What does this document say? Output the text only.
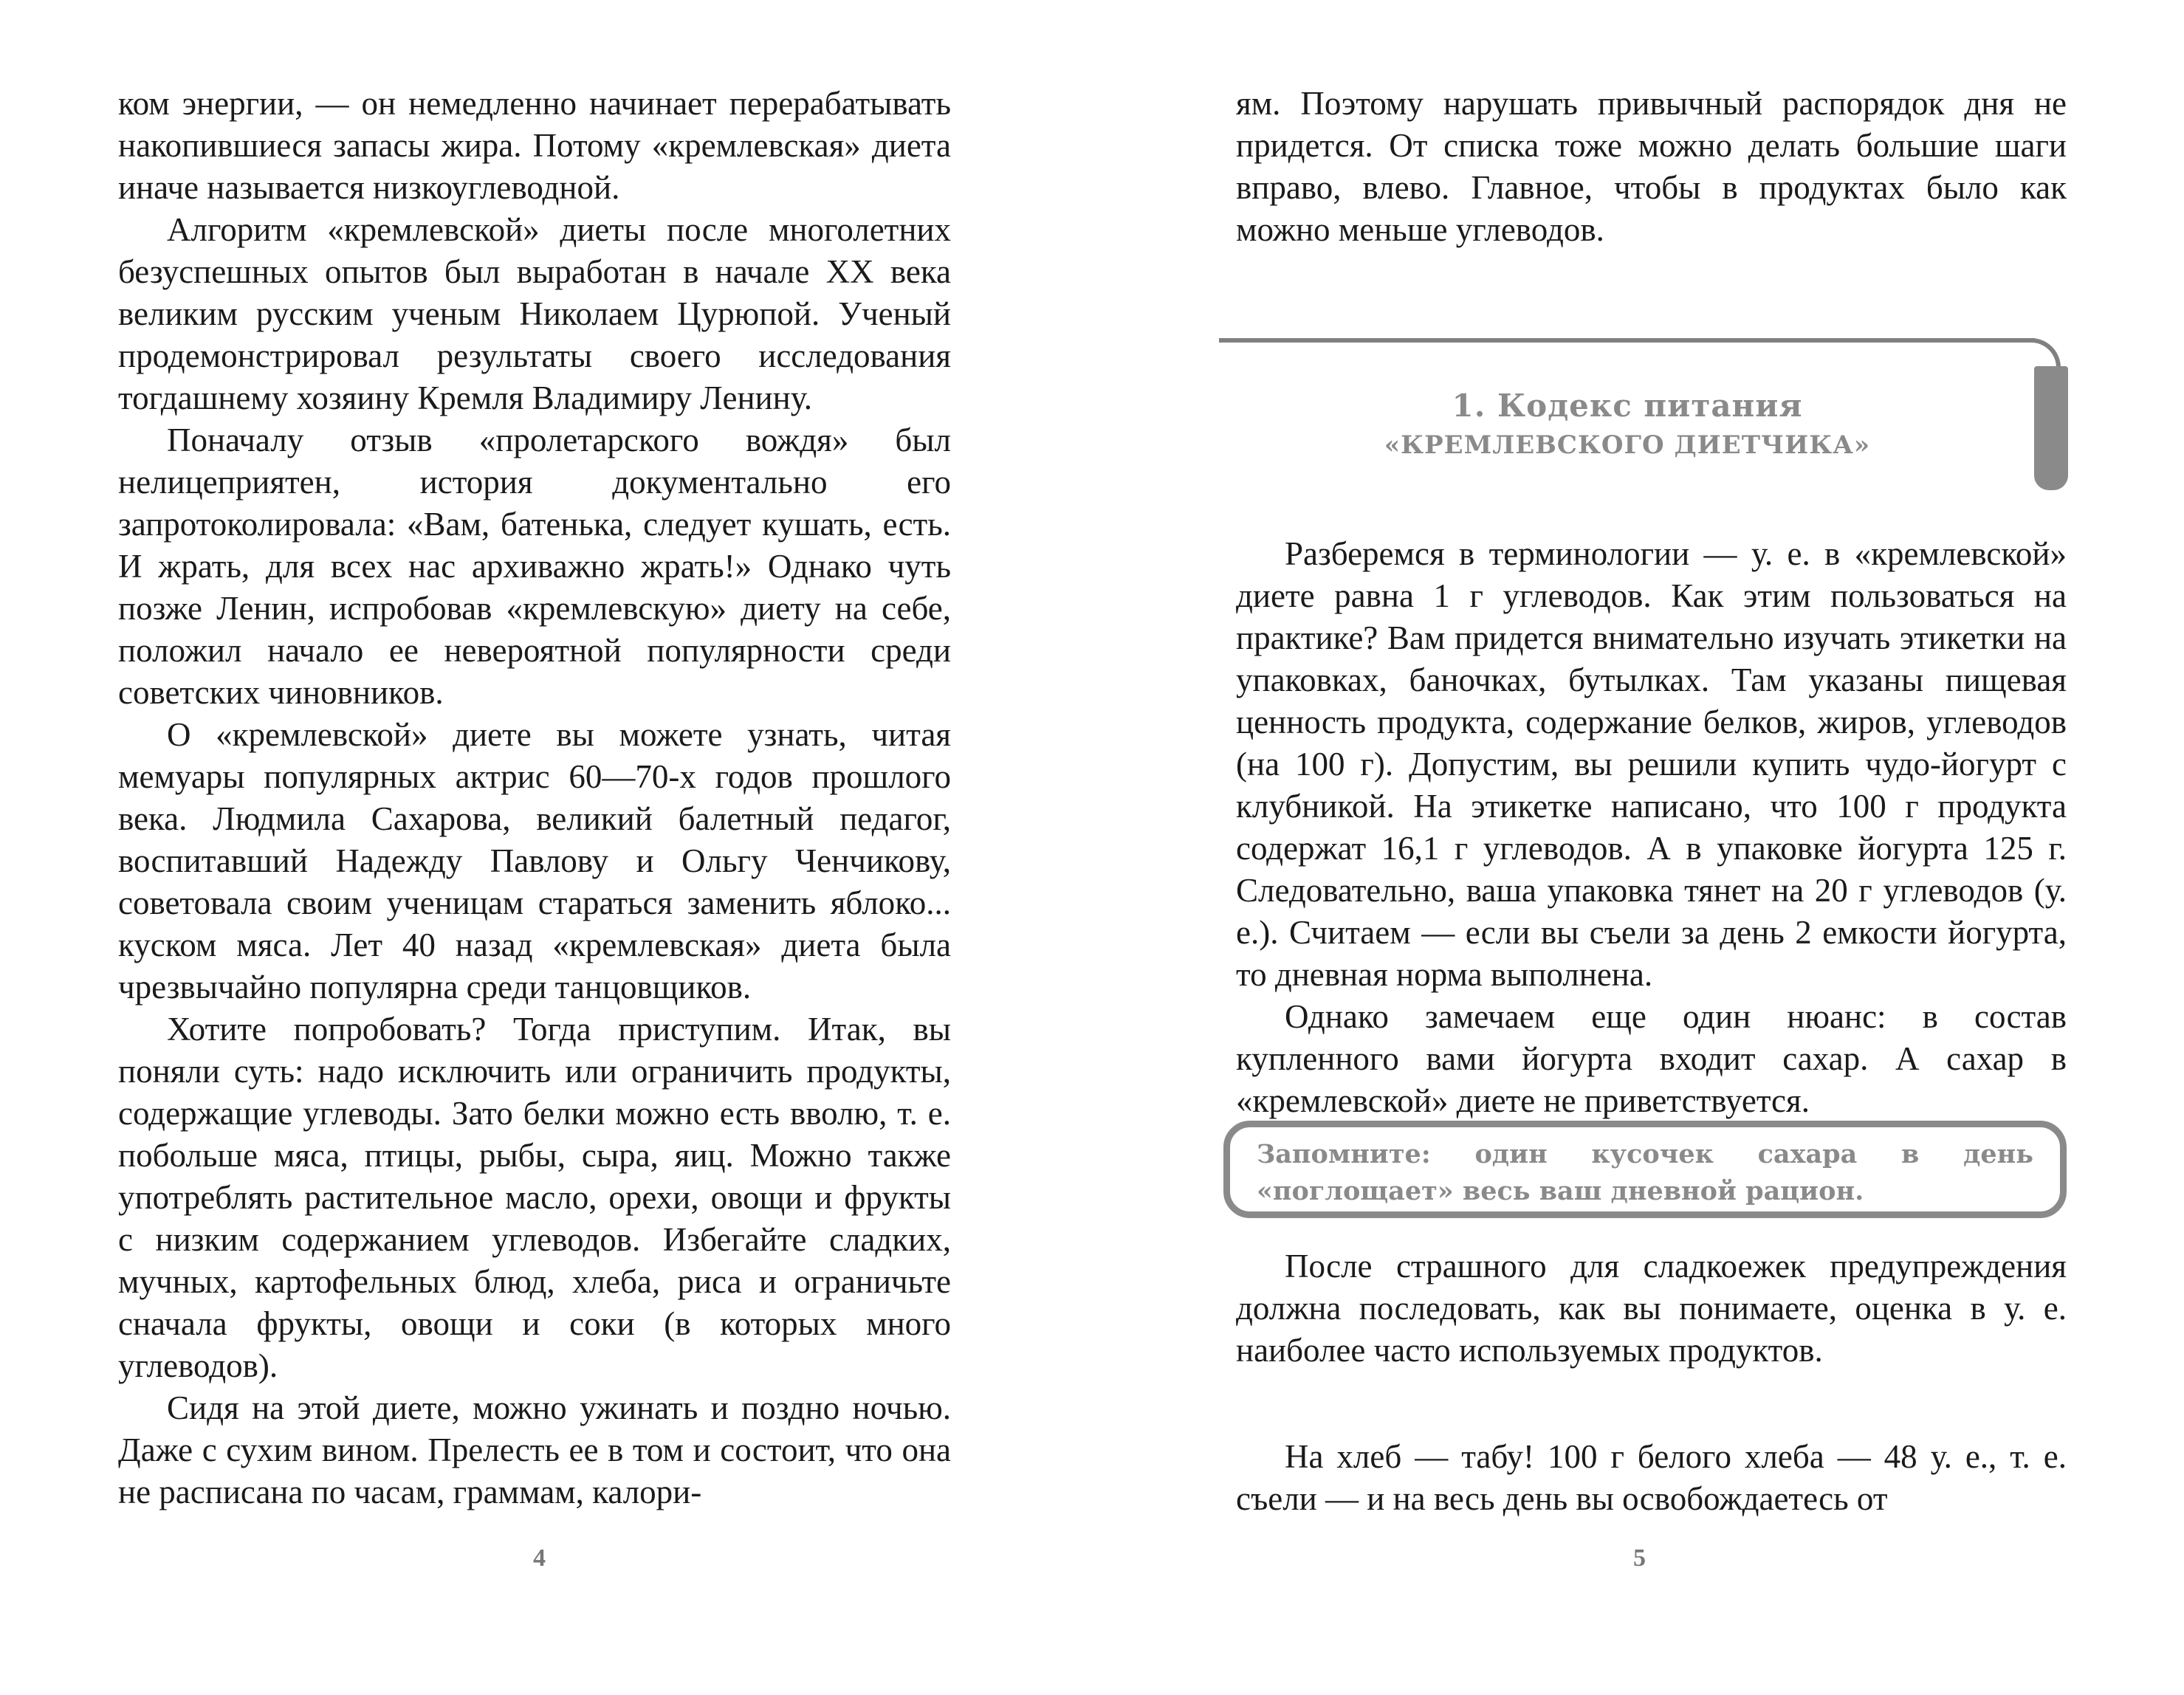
ком энергии, — он немедленно начинает перерабатывать накопившиеся запасы жира. Потому «кремлевская» диета иначе называется низкоуглеводной.

Алгоритм «кремлевской» диеты после многолетних безуспешных опытов был выработан в начале XX века великим русским ученым Николаем Цурюпой. Ученый продемонстрировал результаты своего исследования тогдашнему хозяину Кремля Владимиру Ленину.

Поначалу отзыв «пролетарского вождя» был нелицеприятен, история документально его запротоколировала: «Вам, батенька, следует кушать, есть. И жрать, для всех нас архиважно жрать!» Однако чуть позже Ленин, испробовав «кремлевскую» диету на себе, положил начало ее невероятной популярности среди советских чиновников.

О «кремлевской» диете вы можете узнать, читая мемуары популярных актрис 60—70-х годов прошлого века. Людмила Сахарова, великий балетный педагог, воспитавший Надежду Павлову и Ольгу Ченчикову, советовала своим ученицам стараться заменить яблоко... куском мяса. Лет 40 назад «кремлевская» диета была чрезвычайно популярна среди танцовщиков.

Хотите попробовать? Тогда приступим. Итак, вы поняли суть: надо исключить или ограничить продукты, содержащие углеводы. Зато белки можно есть вволю, т. е. побольше мяса, птицы, рыбы, сыра, яиц. Можно также употреблять растительное масло, орехи, овощи и фрукты с низким содержанием углеводов. Избегайте сладких, мучных, картофельных блюд, хлеба, риса и ограничьте сначала фрукты, овощи и соки (в которых много углеводов).

Сидя на этой диете, можно ужинать и поздно ночью. Даже с сухим вином. Прелесть ее в том и состоит, что она не расписана по часам, граммам, калори-

4

ям. Поэтому нарушать привычный распорядок дня не придется. От списка тоже можно делать большие шаги вправо, влево. Главное, чтобы в продуктах было как можно меньше углеводов.

1. Кодекс питания
«КРЕМЛЕВСКОГО ДИЕТЧИКА»

Разберемся в терминологии — у. е. в «кремлевской» диете равна 1 г углеводов. Как этим пользоваться на практике? Вам придется внимательно изучать этикетки на упаковках, баночках, бутылках. Там указаны пищевая ценность продукта, содержание белков, жиров, углеводов (на 100 г). Допустим, вы решили купить чудо-йогурт с клубникой. На этикетке написано, что 100 г продукта содержат 16,1 г углеводов. А в упаковке йогурта 125 г. Следовательно, ваша упаковка тянет на 20 г углеводов (у. е.). Считаем — если вы съели за день 2 емкости йогурта, то дневная норма выполнена.

Однако замечаем еще один нюанс: в состав купленного вами йогурта входит сахар. А сахар в «кремлевской» диете не приветствуется.

Запомните: один кусочек сахара в день «поглощает» весь ваш дневной рацион.

После страшного для сладкоежек предупреждения должна последовать, как вы понимаете, оценка в у. е. наиболее часто используемых продуктов.

На хлеб — табу! 100 г белого хлеба — 48 у. е., т. е. съели — и на весь день вы освобождаетесь от

5
